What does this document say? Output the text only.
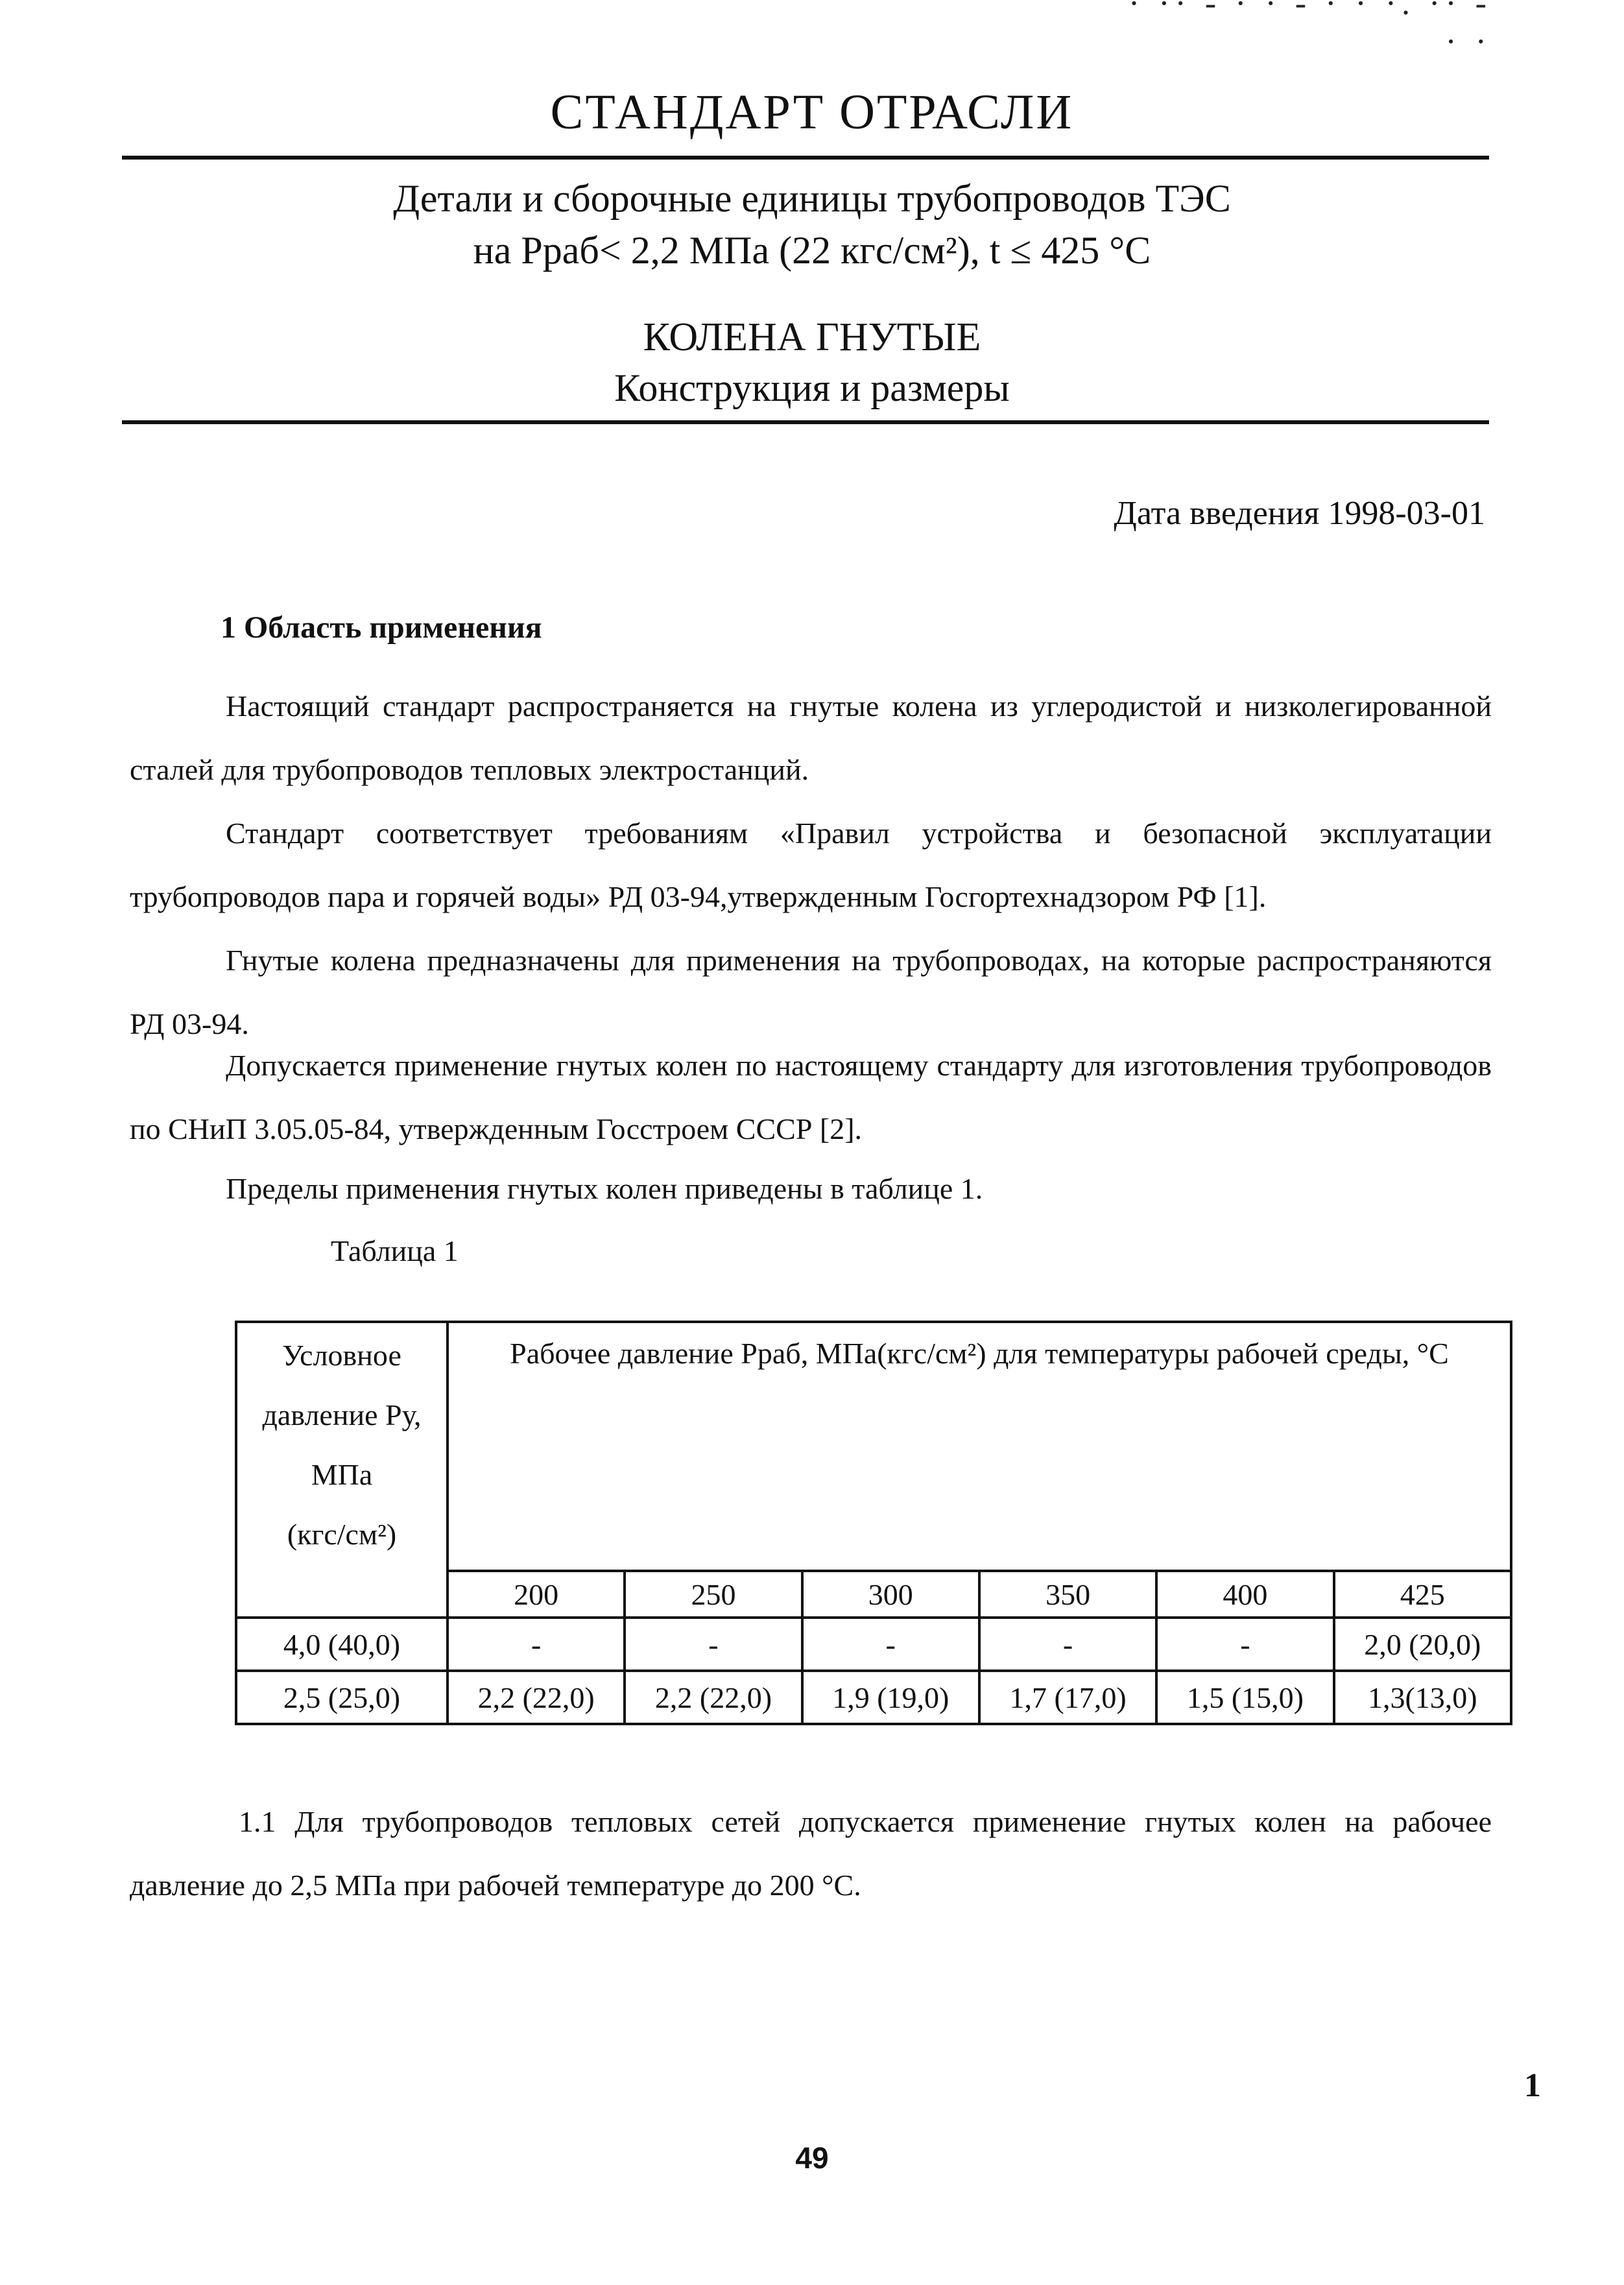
· ·· ‐ · · ‐ · · ·. ·· ‐ · ·
СТАНДАРТ ОТРАСЛИ
Детали и сборочные единицы трубопроводов ТЭС
на Рраб< 2,2 МПа (22 кгс/см²), t ≤ 425 °С
КОЛЕНА ГНУТЫЕ
Конструкция и размеры
Дата введения 1998-03-01
1 Область применения

Настоящий стандарт распространяется на гнутые колена из углеродистой и низколегированной сталей для трубопроводов тепловых электростанций.

Стандарт соответствует требованиям «Правил устройства и безопасной эксплуатации трубопроводов пара и горячей воды» РД 03-94,утвержденным Госгортехнадзором РФ [1].

Гнутые колена предназначены для применения на трубопроводах, на которые распространяются РД 03-94.

Допускается применение гнутых колен по настоящему стандарту для изготовления трубопроводов по СНиП 3.05.05-84, утвержденным Госстроем СССР [2].

Пределы применения гнутых колен приведены в таблице 1.

Таблица 1
Условное
давление Ру,
МПа
(кгс/см²)	Рабочее давление Рраб, МПа(кгс/см²) для температуры рабочей среды, °С					
	200	250	300	350	400	425
4,0 (40,0)	-	-	-	-	-	2,0 (20,0)
2,5 (25,0)	2,2 (22,0)	2,2 (22,0)	1,9 (19,0)	1,7 (17,0)	1,5 (15,0)	1,3(13,0)

1.1 Для трубопроводов тепловых сетей допускается применение гнутых колен на рабочее давление до 2,5 МПа при рабочей температуре до 200 °С.

1
49
